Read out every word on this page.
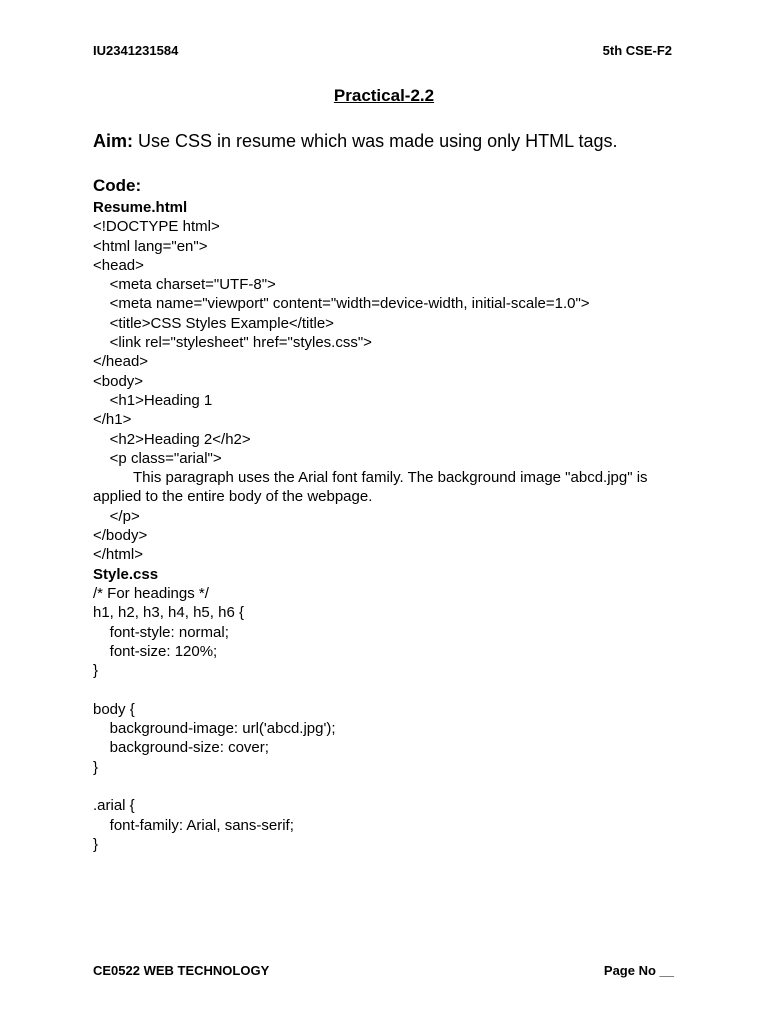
IU2341231584	5th CSE-F2
Practical-2.2
Aim: Use CSS in resume which was made using only HTML tags.
Code:
Resume.html
<!DOCTYPE html>
<html lang="en">
<head>
<meta charset="UTF-8">
<meta name="viewport" content="width=device-width, initial-scale=1.0">
<title>CSS Styles Example</title>
<link rel="stylesheet" href="styles.css">
</head>
<body>
<h1>Heading 1
</h1>
<h2>Heading 2</h2>
<p class="arial">
This paragraph uses the Arial font family. The background image "abcd.jpg" is applied to the entire body of the webpage.
</p>
</body>
</html>
Style.css
/* For headings */
h1, h2, h3, h4, h5, h6 {
font-style: normal;
font-size: 120%;
}
body {
background-image: url('abcd.jpg');
background-size: cover;
}
.arial {
font-family: Arial, sans-serif;
}
CE0522 WEB TECHNOLOGY	Page No __
